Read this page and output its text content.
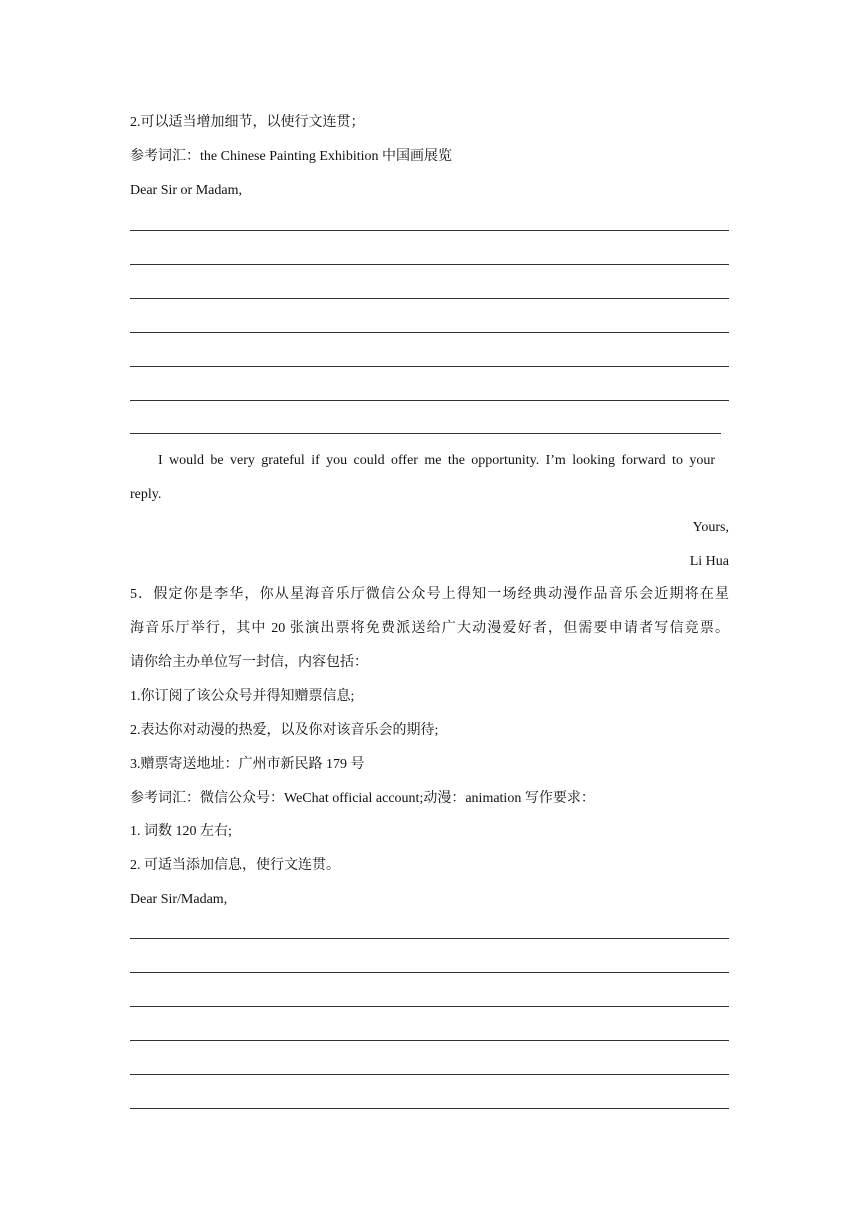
2.可以适当增加细节，以使行文连贯；
参考词汇：the Chinese Painting Exhibition 中国画展览
Dear Sir or Madam,
I would be very grateful if you could offer me the opportunity. I’m looking forward to your
reply.
Yours,
Li Hua
5．假定你是李华，你从星海音乐厅微信公众号上得知一场经典动漫作品音乐会近期将在星
海音乐厅举行，其中 20 张演出票将免费派送给广大动漫爱好者，但需要申请者写信竞票。
请你给主办单位写一封信，内容包括：
1.你订阅了该公众号并得知赠票信息;
2.表达你对动漫的热爱，以及你对该音乐会的期待;
3.赠票寄送地址：广州市新民路 179 号
参考词汇：微信公众号：WeChat official account;动漫：animation 写作要求：
1. 词数 120 左右;
2. 可适当添加信息，使行文连贯。
Dear Sir/Madam,
